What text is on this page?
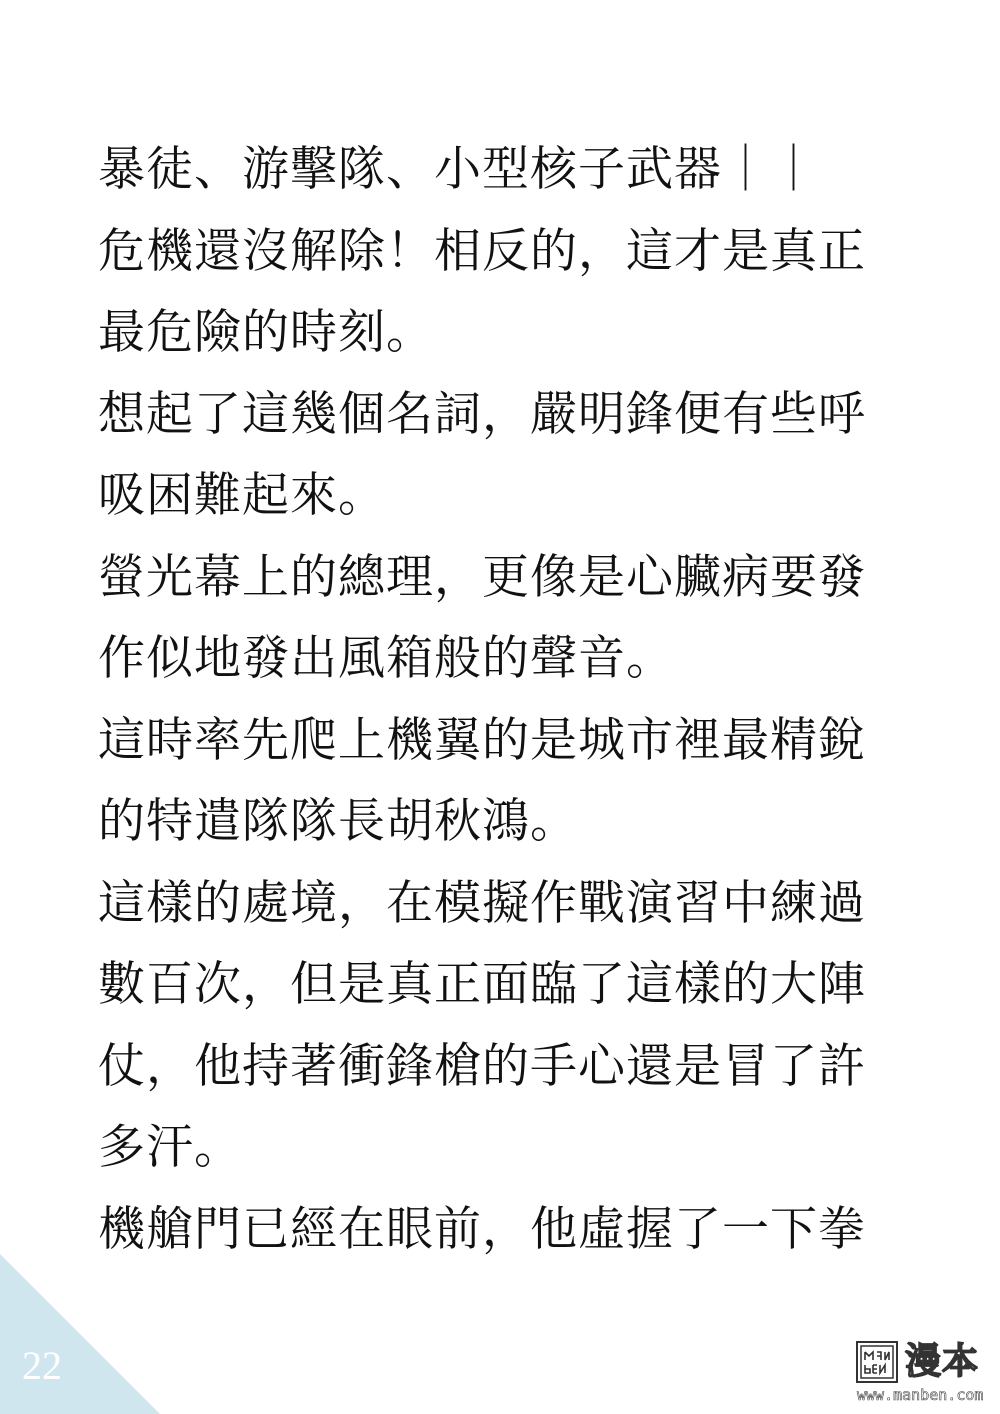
暴徒、游擊隊、小型核子武器｜｜
危機還沒解除！相反的，這才是真正
最危險的時刻。
想起了這幾個名詞，嚴明鋒便有些呼
吸困難起來。
螢光幕上的總理，更像是心臟病要發
作似地發出風箱般的聲音。
這時率先爬上機翼的是城市裡最精銳
的特遣隊隊長胡秋鴻。
這樣的處境，在模擬作戰演習中練過
數百次，但是真正面臨了這樣的大陣
仗，他持著衝鋒槍的手心還是冒了許
多汗。
機艙門已經在眼前，他虛握了一下拳
22	漫本
www.manben.com
